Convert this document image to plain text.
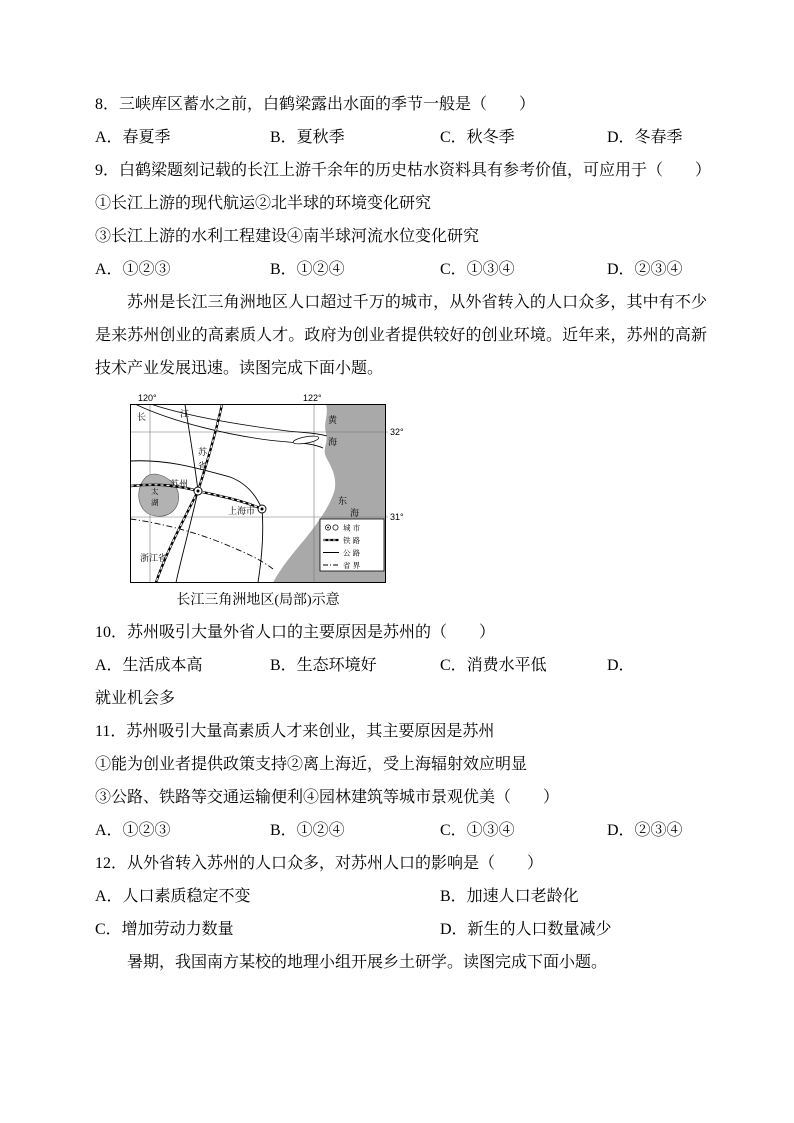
8．三峡库区蓄水之前，白鹤梁露出水面的季节一般是（　　）

A．春夏季	B．夏秋季	C．秋冬季	D．冬春季

9．白鹤梁题刻记载的长江上游千余年的历史枯水资料具有参考价值，可应用于（　　）

①长江上游的现代航运②北半球的环境变化研究

③长江上游的水利工程建设④南半球河流水位变化研究

A．①②③	B．①②④	C．①③④	D．②③④

苏州是长江三角洲地区人口超过千万的城市，从外省转入的人口众多，其中有不少是来苏州创业的高素质人才。政府为创业者提供较好的创业环境。近年来，苏州的高新技术产业发展迅速。读图完成下面小题。

120°	122°
长	江
黄
海
苏
省
太
湖
苏州
上海市
东
海
浙江省
城 市
铁 路
公 路
省 界
32°
31°
长江三角洲地区(局部)示意

10．苏州吸引大量外省人口的主要原因是苏州的（　　）

A．生活成本高	B．生态环境好	C．消费水平低	D．

就业机会多

11．苏州吸引大量高素质人才来创业，其主要原因是苏州

①能为创业者提供政策支持②离上海近，受上海辐射效应明显

③公路、铁路等交通运输便利④园林建筑等城市景观优美（　　）

A．①②③	B．①②④	C．①③④	D．②③④

12．从外省转入苏州的人口众多，对苏州人口的影响是（　　）

A．人口素质稳定不变	B．加速人口老龄化
C．增加劳动力数量	D．新生的人口数量减少

暑期，我国南方某校的地理小组开展乡土研学。读图完成下面小题。
